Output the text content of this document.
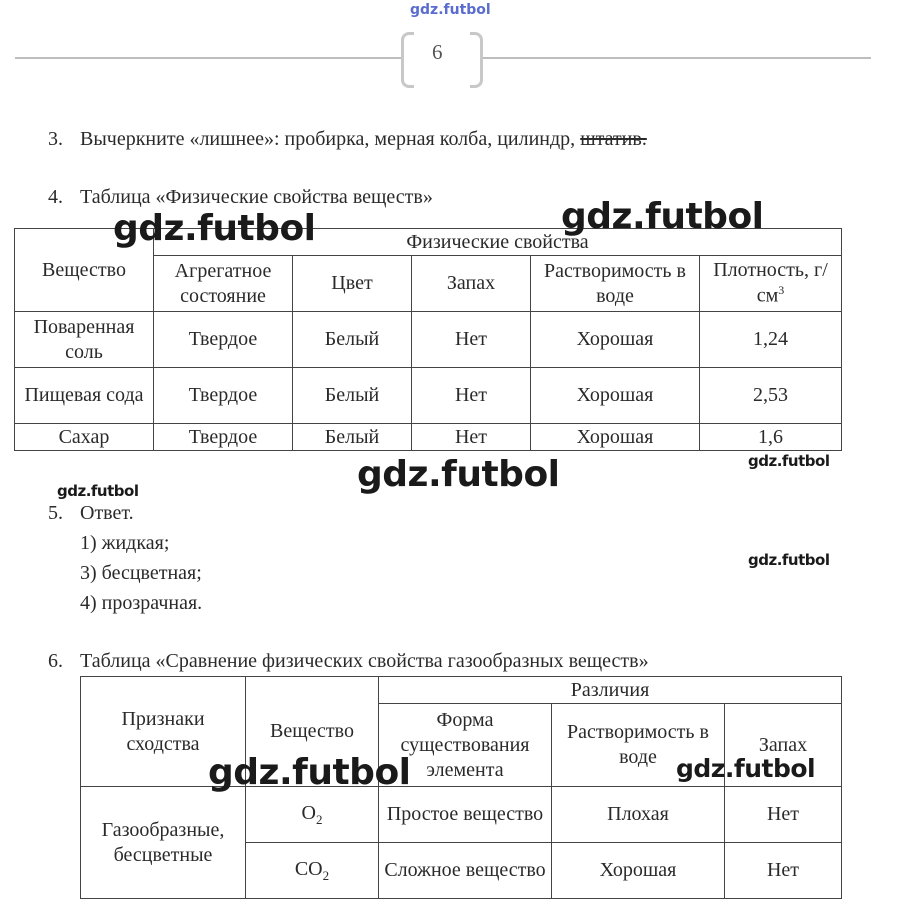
gdz.futbol
6
3. Вычеркните «лишнее»: пробирка, мерная колба, цилиндр, штатив.
4. Таблица «Физические свойства веществ»
Вещество	Физические свойства				
	Агрегатное состояние	Цвет	Запах	Растворимость в воде	Плотность, $г/см^3$
Поваренная соль	Твердое	Белый	Нет	Хорошая	1,24
Пищевая сода	Твердое	Белый	Нет	Хорошая	2,53
Сахар	Твердое	Белый	Нет	Хорошая	1,6
5. Ответ.
1) жидкая;
3) бесцветная;
4) прозрачная.
6. Таблица «Сравнение физических свойства газообразных веществ»
Признаки сходства	Вещество	Различия		
		Форма существования элемента	Растворимость в воде	Запах
Газообразные, бесцветные	$O_2$	Простое вещество	Плохая	Нет
	$CO_2$	Сложное вещество	Хорошая	Нет
gdz.futbol	gdz.futbol
gdz.futbol	gdz.futbol
gdz.futbol
gdz.futbol
gdz.futbol	gdz.futbol
